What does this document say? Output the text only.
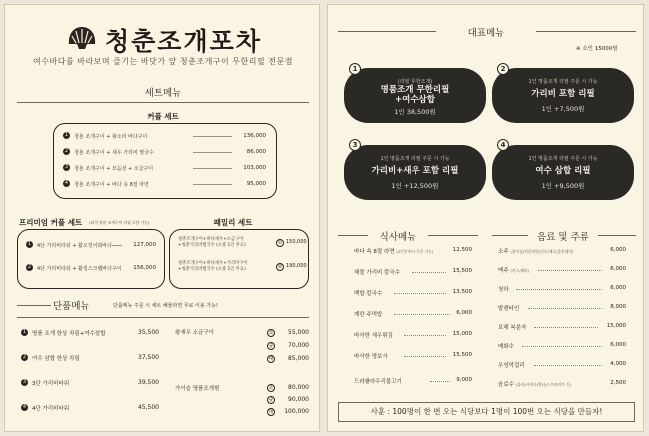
청춘조개포차
여수바다를 바라보며 즐기는 바닷가 앞 청춘조개구이 무한리필 전문점
세트메뉴
커플 세트
1	청춘 조개구이 + 왕소라 바다구이	136,000
2	청춘 조개구이 + 새우 가리비 찜국수	86,000
3	청춘 조개구이 + 모듬전 + 소금구이	103,000
4	청춘 조개구이 + 바다 속 8절 라면	95,000
프리미엄 커플 세트 (좌석 명품 조개구이 리필 포함 가능)
1	4단 가리비타워 + 활오징어회바다	127,000
2	4단 가리비타워 + 활킹스크랩바다구이 156,000
패밀리 세트
청춘조개구이+바다새우+소금구이
+청춘가리비찜국수 (소중 1인 무료)	① 150,000
청춘조개구이+바다새우+가리비구이
+청춘가리비찜국수 (소중 1인 무료)	② 190,000
단품메뉴	단품메뉴 주문 시 세트 해물라면 무료 이용 가능!
1	명품 조개 한상 차림+여수삼합	35,500
2	여수 삼합 한상 차림	37,500
3	3단 가리비타워	39,500
4	4단 가리비타워	45,500
왕새우 소금구이	소 55,000
중 70,000
대 85,000
가이슬 명품조개찜	소 80,000
중 90,000
대 100,000
대표메뉴
※ 소인 15000원
(리필 무한조개)
명품조개 무한리필
+여수삼합
1인 38,500원
1
1인 명품조개 리필 주문 시 가능
가리비 포함 리필
1인 +7,500원
2
1인 명품조개 리필 주문 시 가능
가리비+새우 포함 리필
1인 +12,500원
3
1인 명품조개 리필 주문 시 가능
여수 삼합 리필
1인 +9,500원
4
식사메뉴
바다 속 8절 라면 (2인분부터 주문 가능)	12,500
해물 가리비 칼국수	15,500
백합 칼국수	13,500
계란 주먹밥	6,000
바삭한 새우튀김	15,000
바삭한 명보사	15,500
드라큘라우리불고기	9,000
음료 및 주류
소주 (참이슬/처음처럼/진로/새로/좋은데이)	6,000
맥주 (카스/테라)	6,000
청하	6,000
발렌타인	8,000
보해 복분자	15,000
매화수	6,000
우엉막걸리	4,000
음료수 (콜라/사이다/환타/스프라이트 등)	2,500
사훈 : 100명이 한 번 오는 식당보다 1명이 100번 오는 식당을 만들자!
